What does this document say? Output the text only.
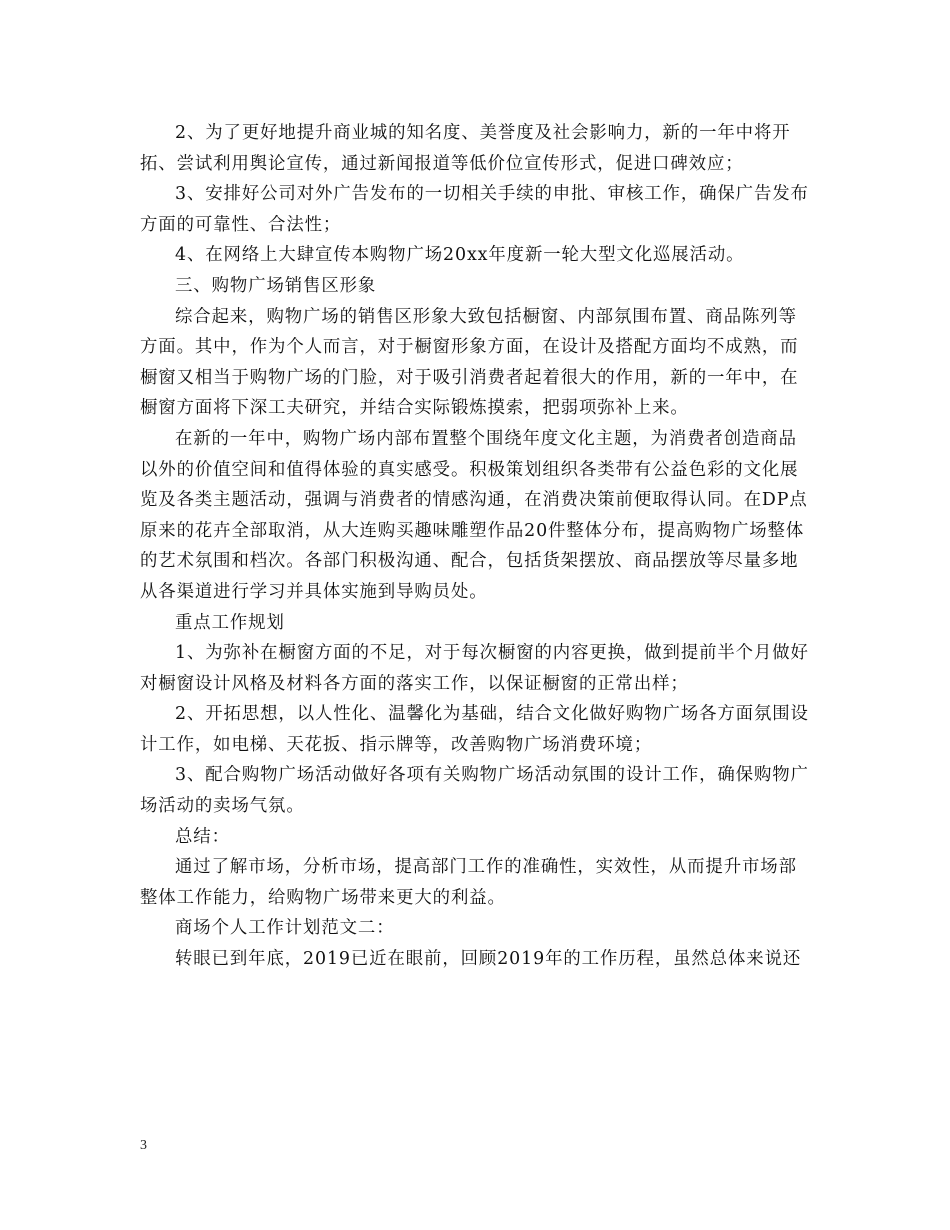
2、为了更好地提升商业城的知名度、美誉度及社会影响力，新的一年中将开拓、尝试利用舆论宣传，通过新闻报道等低价位宣传形式，促进口碑效应；

3、安排好公司对外广告发布的一切相关手续的申批、审核工作，确保广告发布方面的可靠性、合法性；

4、在网络上大肆宣传本购物广场20xx年度新一轮大型文化巡展活动。

三、购物广场销售区形象

综合起来，购物广场的销售区形象大致包括橱窗、内部氛围布置、商品陈列等方面。其中，作为个人而言，对于橱窗形象方面，在设计及搭配方面均不成熟，而橱窗又相当于购物广场的门脸，对于吸引消费者起着很大的作用，新的一年中，在橱窗方面将下深工夫研究，并结合实际锻炼摸索，把弱项弥补上来。

在新的一年中，购物广场内部布置整个围绕年度文化主题，为消费者创造商品以外的价值空间和值得体验的真实感受。积极策划组织各类带有公益色彩的文化展览及各类主题活动，强调与消费者的情感沟通，在消费决策前便取得认同。在DP点原来的花卉全部取消，从大连购买趣味雕塑作品20件整体分布，提高购物广场整体的艺术氛围和档次。各部门积极沟通、配合，包括货架摆放、商品摆放等尽量多地从各渠道进行学习并具体实施到导购员处。

重点工作规划

1、为弥补在橱窗方面的不足，对于每次橱窗的内容更换，做到提前半个月做好对橱窗设计风格及材料各方面的落实工作，以保证橱窗的正常出样；

2、开拓思想，以人性化、温馨化为基础，结合文化做好购物广场各方面氛围设计工作，如电梯、天花扳、指示牌等，改善购物广场消费环境；

3、配合购物广场活动做好各项有关购物广场活动氛围的设计工作，确保购物广场活动的卖场气氛。

总结：

通过了解市场，分析市场，提高部门工作的准确性，实效性，从而提升市场部整体工作能力，给购物广场带来更大的利益。

商场个人工作计划范文二：

转眼已到年底，2019已近在眼前，回顾2019年的工作历程，虽然总体来说还

3
